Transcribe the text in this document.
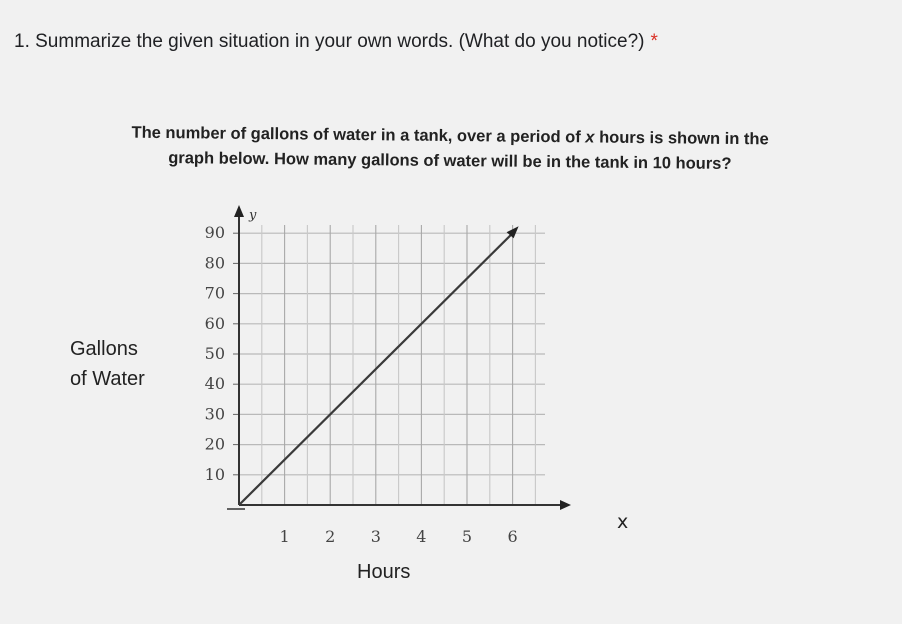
1. Summarize the given situation in your own words. (What do you notice?) *
The number of gallons of water in a tank, over a period of x hours is shown in the
graph below. How many gallons of water will be in the tank in 10 hours?
y
10
20
30
40
50
60
70
80
90
1 2 3 4 5 6
Gallons
of Water
Hours
x
